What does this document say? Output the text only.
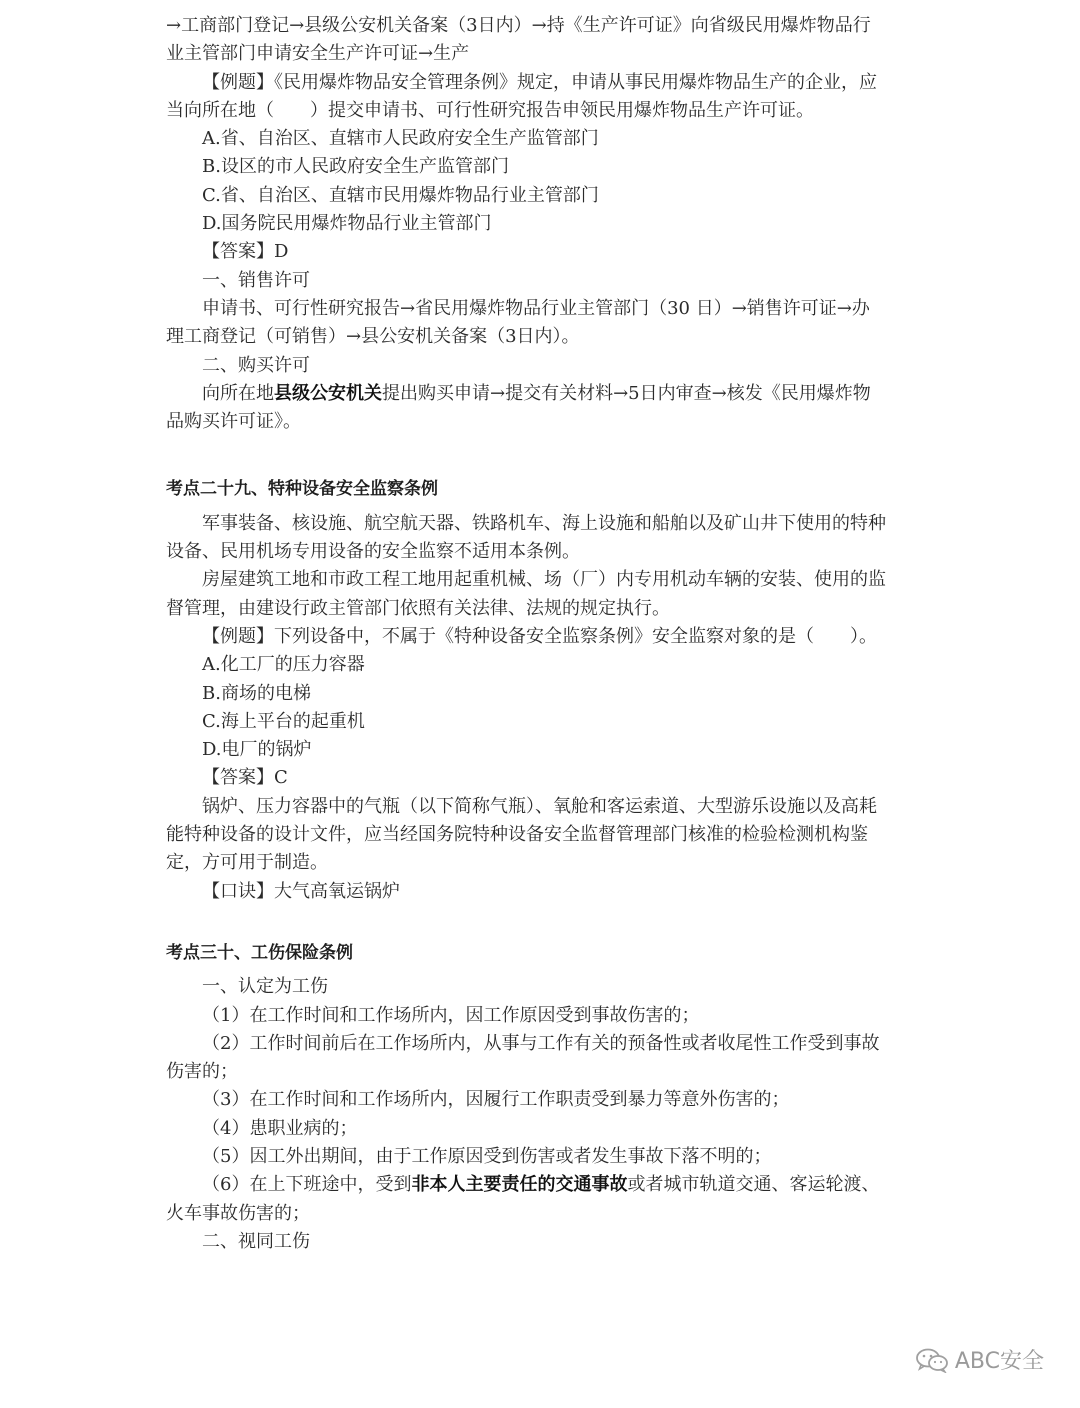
→工商部门登记→县级公安机关备案（3日内）→持《生产许可证》向省级民用爆炸物品行
业主管部门申请安全生产许可证→生产
【例题】《民用爆炸物品安全管理条例》规定，申请从事民用爆炸物品生产的企业，应
当向所在地（　　）提交申请书、可行性研究报告申领民用爆炸物品生产许可证。
A.省、自治区、直辖市人民政府安全生产监管部门
B.设区的市人民政府安全生产监管部门
C.省、自治区、直辖市民用爆炸物品行业主管部门
D.国务院民用爆炸物品行业主管部门
【答案】D
一、销售许可
申请书、可行性研究报告→省民用爆炸物品行业主管部门（30 日）→销售许可证→办
理工商登记（可销售）→县公安机关备案（3日内）。
二、购买许可
向所在地县级公安机关提出购买申请→提交有关材料→5日内审查→核发《民用爆炸物
品购买许可证》。
考点二十九、特种设备安全监察条例
军事装备、核设施、航空航天器、铁路机车、海上设施和船舶以及矿山井下使用的特种
设备、民用机场专用设备的安全监察不适用本条例。
房屋建筑工地和市政工程工地用起重机械、场（厂）内专用机动车辆的安装、使用的监
督管理，由建设行政主管部门依照有关法律、法规的规定执行。
【例题】下列设备中，不属于《特种设备安全监察条例》安全监察对象的是（　　）。
A.化工厂的压力容器
B.商场的电梯
C.海上平台的起重机
D.电厂的锅炉
【答案】C
锅炉、压力容器中的气瓶（以下简称气瓶）、氧舱和客运索道、大型游乐设施以及高耗
能特种设备的设计文件，应当经国务院特种设备安全监督管理部门核准的检验检测机构鉴
定，方可用于制造。
【口诀】大气高氧运锅炉
考点三十、工伤保险条例
一、认定为工伤
（1）在工作时间和工作场所内，因工作原因受到事故伤害的；
（2）工作时间前后在工作场所内，从事与工作有关的预备性或者收尾性工作受到事故
伤害的；
（3）在工作时间和工作场所内，因履行工作职责受到暴力等意外伤害的；
（4）患职业病的；
（5）因工外出期间，由于工作原因受到伤害或者发生事故下落不明的；
（6）在上下班途中，受到非本人主要责任的交通事故或者城市轨道交通、客运轮渡、
火车事故伤害的；
二、视同工伤
ABC安全
